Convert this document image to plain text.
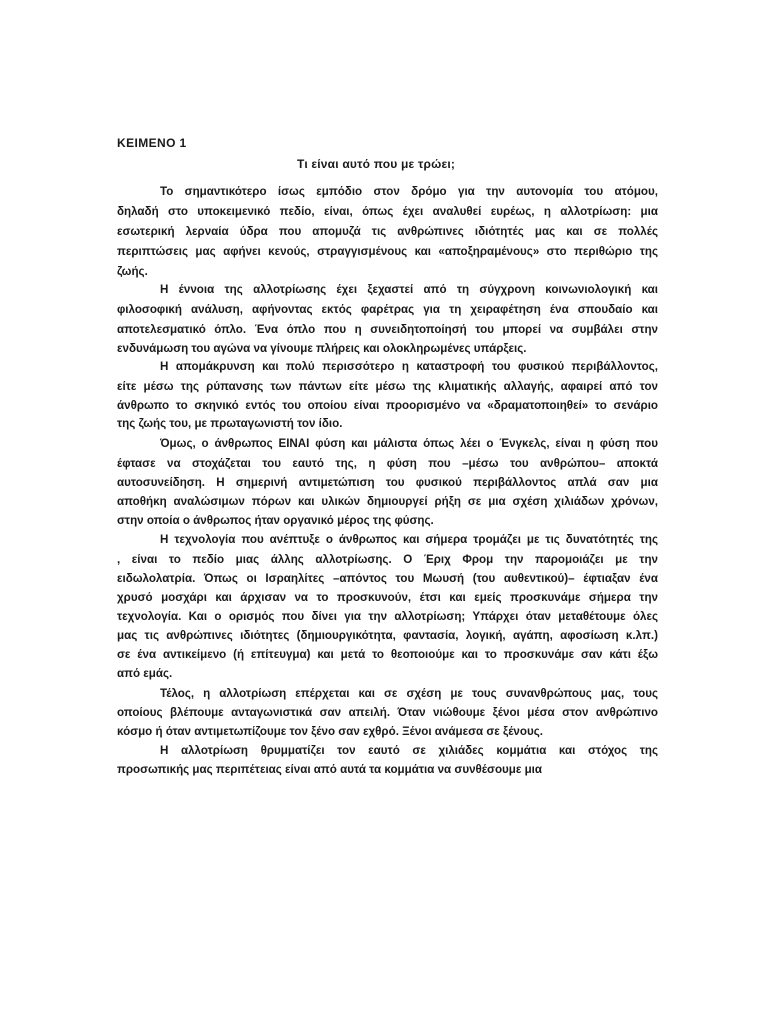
ΚΕΙΜΕΝΟ 1
Τι είναι αυτό που με τρώει;
Το σημαντικότερο ίσως εμπόδιο στον δρόμο για την αυτονομία του ατόμου,
δηλαδή στο υποκειμενικό πεδίο, είναι, όπως έχει αναλυθεί ευρέως, η αλλοτρίωση: μια
εσωτερική λερναία ύδρα που απομυζά τις ανθρώπινες ιδιότητές μας και σε πολλές
περιπτώσεις μας αφήνει κενούς, στραγγισμένους και «αποξηραμένους» στο περιθώριο της
ζωής.
Η έννοια της αλλοτρίωσης έχει ξεχαστεί από τη σύγχρονη κοινωνιολογική και
φιλοσοφική ανάλυση, αφήνοντας εκτός φαρέτρας για τη χειραφέτηση ένα σπουδαίο και
αποτελεσματικό όπλο. Ένα όπλο που η συνειδητοποίησή του μπορεί να συμβάλει στην
ενδυνάμωση του αγώνα να γίνουμε πλήρεις και ολοκληρωμένες υπάρξεις.
Η απομάκρυνση και πολύ περισσότερο η καταστροφή του φυσικού περιβάλλοντος,
είτε μέσω της ρύπανσης των πάντων είτε μέσω της κλιματικής αλλαγής, αφαιρεί από τον
άνθρωπο το σκηνικό εντός του οποίου είναι προορισμένο να «δραματοποιηθεί» το σενάριο
της ζωής του, με πρωταγωνιστή τον ίδιο.
Όμως, ο άνθρωπος ΕΙΝΑΙ φύση και μάλιστα όπως λέει ο Ένγκελς, είναι η φύση που
έφτασε να στοχάζεται του εαυτό της, η φύση που –μέσω του ανθρώπου– αποκτά
αυτοσυνείδηση. Η σημερινή αντιμετώπιση του φυσικού περιβάλλοντος απλά σαν μια
αποθήκη αναλώσιμων πόρων και υλικών δημιουργεί ρήξη σε μια σχέση χιλιάδων χρόνων,
στην οποία ο άνθρωπος ήταν οργανικό μέρος της φύσης.
Η τεχνολογία που ανέπτυξε ο άνθρωπος και σήμερα τρομάζει με τις δυνατότητές της
, είναι το πεδίο μιας άλλης αλλοτρίωσης. Ο Έριχ Φρομ την παρομοιάζει με την
ειδωλολατρία. Όπως οι Ισραηλίτες –απόντος του Μωυσή (του αυθεντικού)– έφτιαξαν ένα
χρυσό μοσχάρι και άρχισαν να το προσκυνούν, έτσι και εμείς προσκυνάμε σήμερα την
τεχνολογία. Και ο ορισμός που δίνει για την αλλοτρίωση; Υπάρχει όταν μεταθέτουμε όλες
μας τις ανθρώπινες ιδιότητες (δημιουργικότητα, φαντασία, λογική, αγάπη, αφοσίωση κ.λπ.)
σε ένα αντικείμενο (ή επίτευγμα) και μετά το θεοποιούμε και το προσκυνάμε σαν κάτι έξω
από εμάς.
Τέλος, η αλλοτρίωση επέρχεται και σε σχέση με τους συνανθρώπους μας, τους
οποίους βλέπουμε ανταγωνιστικά σαν απειλή. Όταν νιώθουμε ξένοι μέσα στον ανθρώπινο
κόσμο ή όταν αντιμετωπίζουμε τον ξένο σαν εχθρό. Ξένοι ανάμεσα σε ξένους.
Η αλλοτρίωση θρυμματίζει τον εαυτό σε χιλιάδες κομμάτια και στόχος της
προσωπικής μας περιπέτειας είναι από αυτά τα κομμάτια να συνθέσουμε μια
